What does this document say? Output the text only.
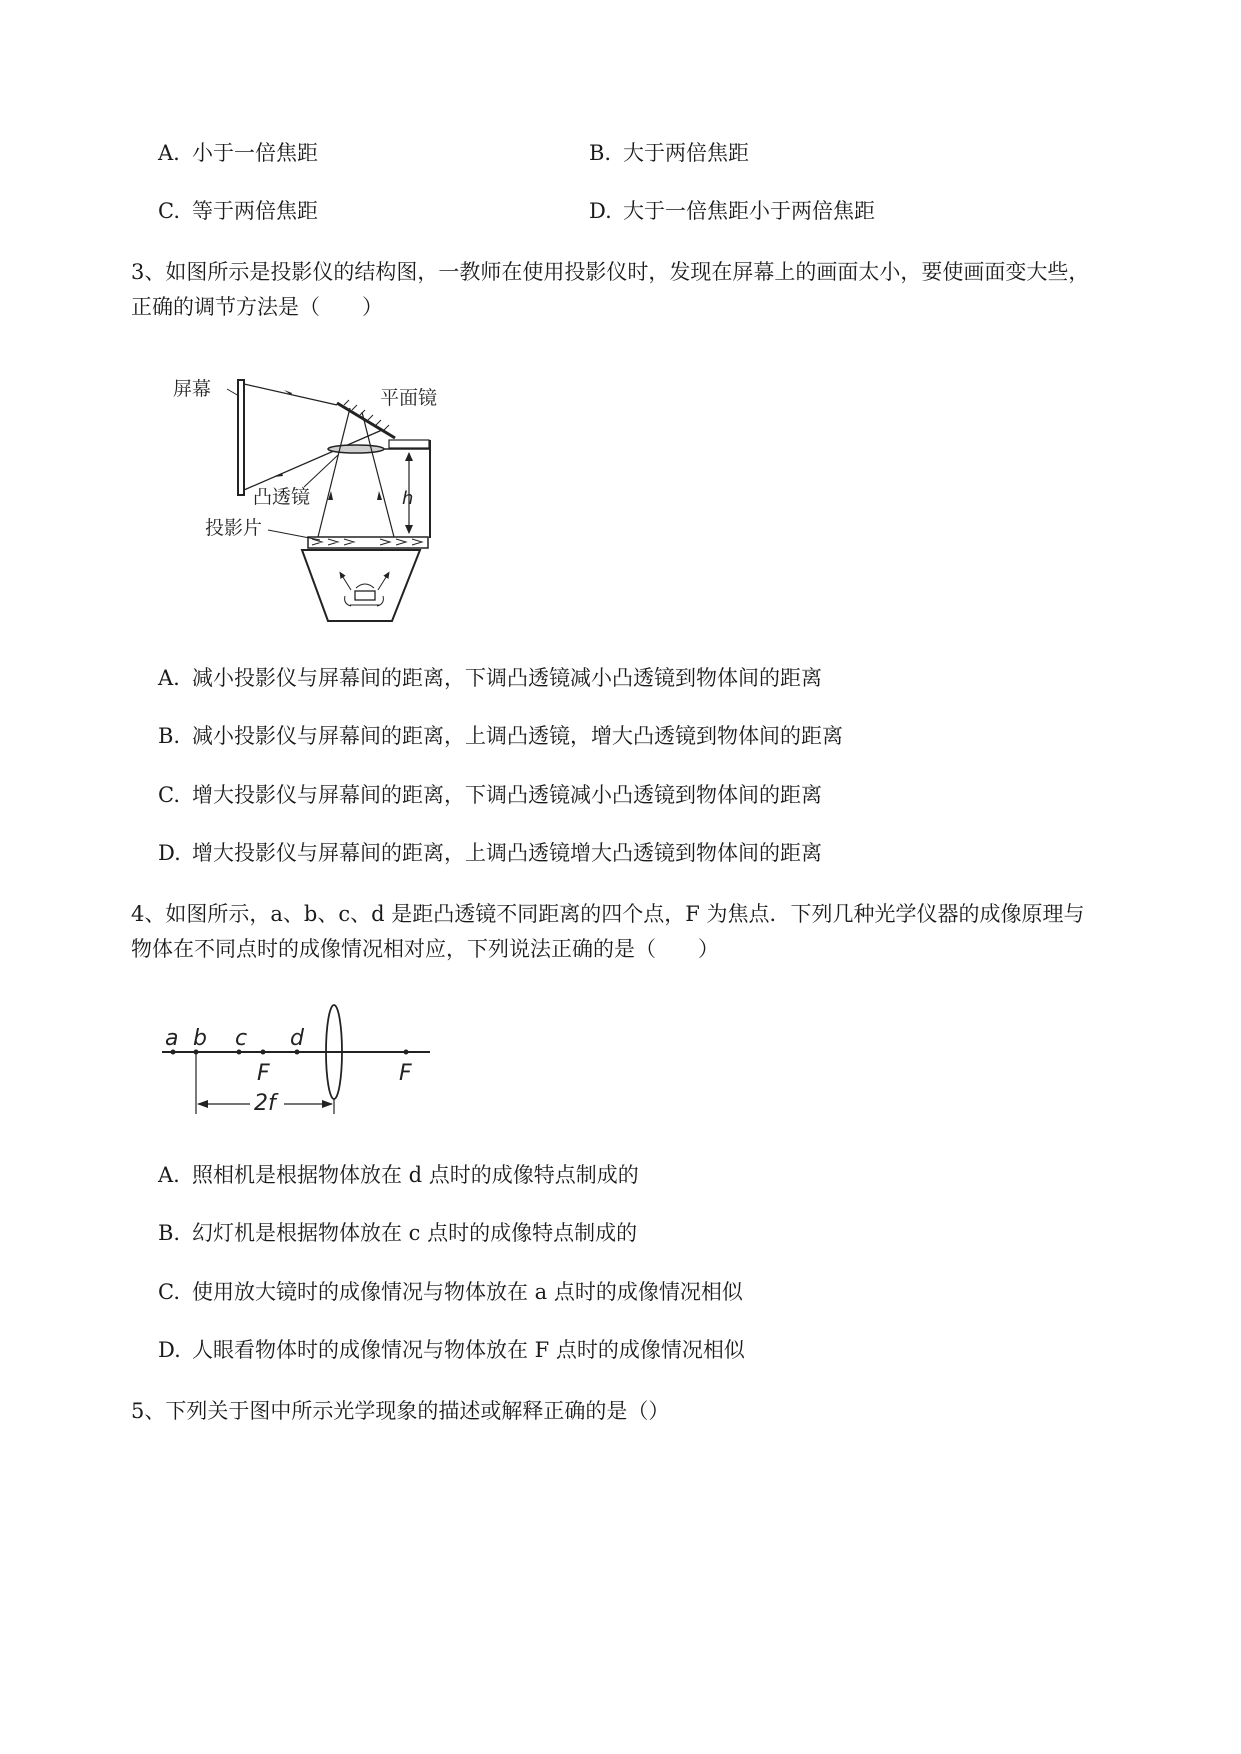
A. 小于一倍焦距	B. 大于两倍焦距
C. 等于两倍焦距	D. 大于一倍焦距小于两倍焦距
3、如图所示是投影仪的结构图，一教师在使用投影仪时，发现在屏幕上的画面太小，要使画面变大些，
正确的调节方法是（　　）
屏幕	平面镜
凸透镜	h
投影片
A. 减小投影仪与屏幕间的距离，下调凸透镜减小凸透镜到物体间的距离
B. 减小投影仪与屏幕间的距离，上调凸透镜，增大凸透镜到物体间的距离
C. 增大投影仪与屏幕间的距离，下调凸透镜减小凸透镜到物体间的距离
D. 增大投影仪与屏幕间的距离，上调凸透镜增大凸透镜到物体间的距离
4、如图所示，a、b、c、d 是距凸透镜不同距离的四个点，F 为焦点．下列几种光学仪器的成像原理与
物体在不同点时的成像情况相对应，下列说法正确的是（　　）
a b c d
F	F
2f
A. 照相机是根据物体放在 d 点时的成像特点制成的
B. 幻灯机是根据物体放在 c 点时的成像特点制成的
C. 使用放大镜时的成像情况与物体放在 a 点时的成像情况相似
D. 人眼看物体时的成像情况与物体放在 F 点时的成像情况相似
5、下列关于图中所示光学现象的描述或解释正确的是（）
